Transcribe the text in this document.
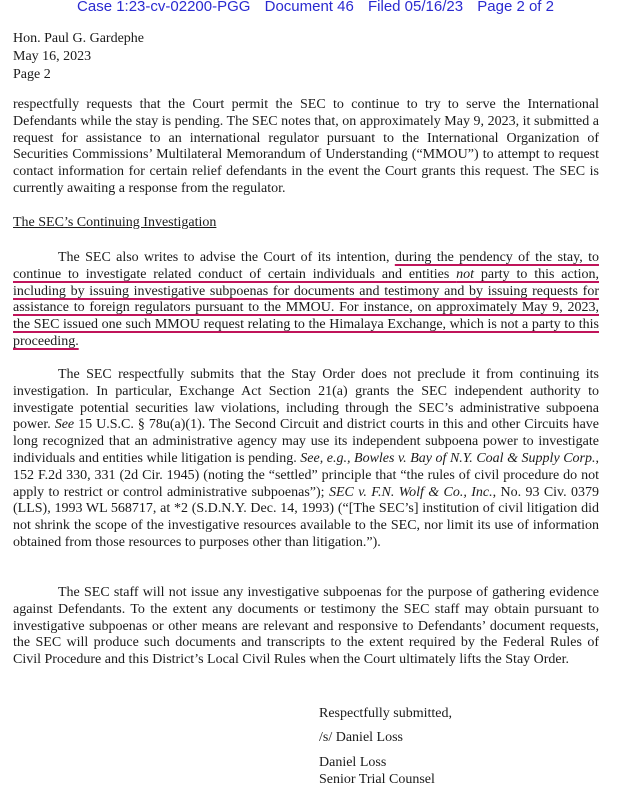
Case 1:23-cv-02200-PGG Document 46 Filed 05/16/23 Page 2 of 2
Hon. Paul G. Gardephe
May 16, 2023
Page 2

respectfully requests that the Court permit the SEC to continue to try to serve the International Defendants while the stay is pending. The SEC notes that, on approximately May 9, 2023, it submitted a request for assistance to an international regulator pursuant to the International Organization of Securities Commissions’ Multilateral Memorandum of Understanding (“MMOU”) to attempt to request contact information for certain relief defendants in the event the Court grants this request. The SEC is currently awaiting a response from the regulator.

The SEC’s Continuing Investigation

The SEC also writes to advise the Court of its intention, during the pendency of the stay, to continue to investigate related conduct of certain individuals and entities not party to this action, including by issuing investigative subpoenas for documents and testimony and by issuing requests for assistance to foreign regulators pursuant to the MMOU. For instance, on approximately May 9, 2023, the SEC issued one such MMOU request relating to the Himalaya Exchange, which is not a party to this proceeding.

The SEC respectfully submits that the Stay Order does not preclude it from continuing its investigation. In particular, Exchange Act Section 21(a) grants the SEC independent authority to investigate potential securities law violations, including through the SEC’s administrative subpoena power. See 15 U.S.C. § 78u(a)(1). The Second Circuit and district courts in this and other Circuits have long recognized that an administrative agency may use its independent subpoena power to investigate individuals and entities while litigation is pending. See, e.g., Bowles v. Bay of N.Y. Coal & Supply Corp., 152 F.2d 330, 331 (2d Cir. 1945) (noting the “settled” principle that “the rules of civil procedure do not apply to restrict or control administrative subpoenas”); SEC v. F.N. Wolf & Co., Inc., No. 93 Civ. 0379 (LLS), 1993 WL 568717, at *2 (S.D.N.Y. Dec. 14, 1993) (“[The SEC’s] institution of civil litigation did not shrink the scope of the investigative resources available to the SEC, nor limit its use of information obtained from those resources to purposes other than litigation.”).

The SEC staff will not issue any investigative subpoenas for the purpose of gathering evidence against Defendants. To the extent any documents or testimony the SEC staff may obtain pursuant to investigative subpoenas or other means are relevant and responsive to Defendants’ document requests, the SEC will produce such documents and transcripts to the extent required by the Federal Rules of Civil Procedure and this District’s Local Civil Rules when the Court ultimately lifts the Stay Order.

Respectfully submitted,
/s/ Daniel Loss
Daniel Loss
Senior Trial Counsel
